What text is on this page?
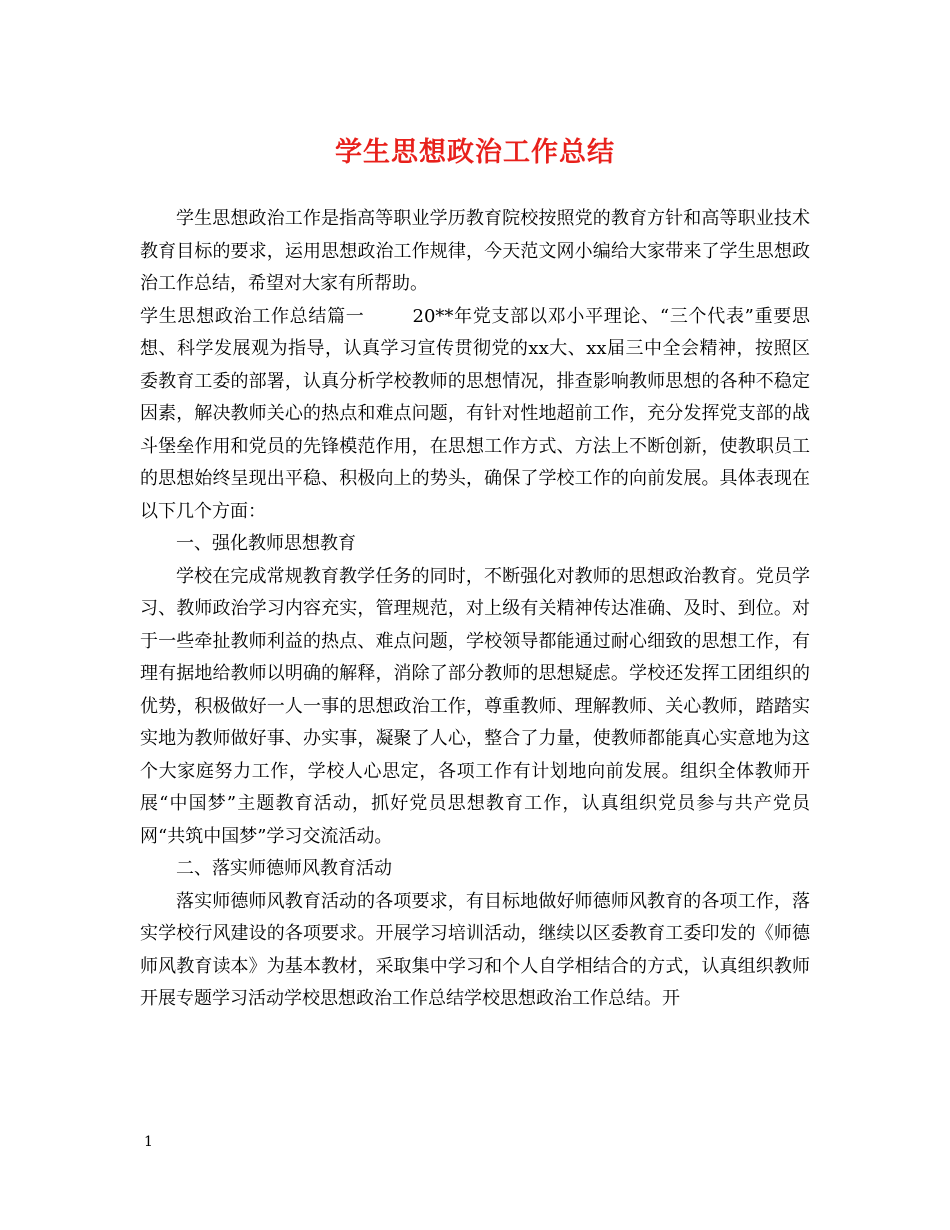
学生思想政治工作总结

学生思想政治工作是指高等职业学历教育院校按照党的教育方针和高等职业技术教育目标的要求，运用思想政治工作规律，今天范文网小编给大家带来了学生思想政治工作总结，希望对大家有所帮助。

学生思想政治工作总结篇一	20**年党支部以邓小平理论、“三个代表”重要思想、科学发展观为指导，认真学习宣传贯彻党的xx大、xx届三中全会精神，按照区委教育工委的部署，认真分析学校教师的思想情况，排查影响教师思想的各种不稳定因素，解决教师关心的热点和难点问题，有针对性地超前工作，充分发挥党支部的战斗堡垒作用和党员的先锋模范作用，在思想工作方式、方法上不断创新，使教职员工的思想始终呈现出平稳、积极向上的势头，确保了学校工作的向前发展。具体表现在以下几个方面：

一、强化教师思想教育

学校在完成常规教育教学任务的同时，不断强化对教师的思想政治教育。党员学习、教师政治学习内容充实，管理规范，对上级有关精神传达准确、及时、到位。对于一些牵扯教师利益的热点、难点问题，学校领导都能通过耐心细致的思想工作，有理有据地给教师以明确的解释，消除了部分教师的思想疑虑。学校还发挥工团组织的优势，积极做好一人一事的思想政治工作，尊重教师、理解教师、关心教师，踏踏实实地为教师做好事、办实事，凝聚了人心，整合了力量，使教师都能真心实意地为这个大家庭努力工作，学校人心思定，各项工作有计划地向前发展。组织全体教师开展“中国梦”主题教育活动，抓好党员思想教育工作，认真组织党员参与共产党员网“共筑中国梦”学习交流活动。

二、落实师德师风教育活动

落实师德师风教育活动的各项要求，有目标地做好师德师风教育的各项工作，落实学校行风建设的各项要求。开展学习培训活动，继续以区委教育工委印发的《师德师风教育读本》为基本教材，采取集中学习和个人自学相结合的方式，认真组织教师开展专题学习活动学校思想政治工作总结学校思想政治工作总结。开

1
